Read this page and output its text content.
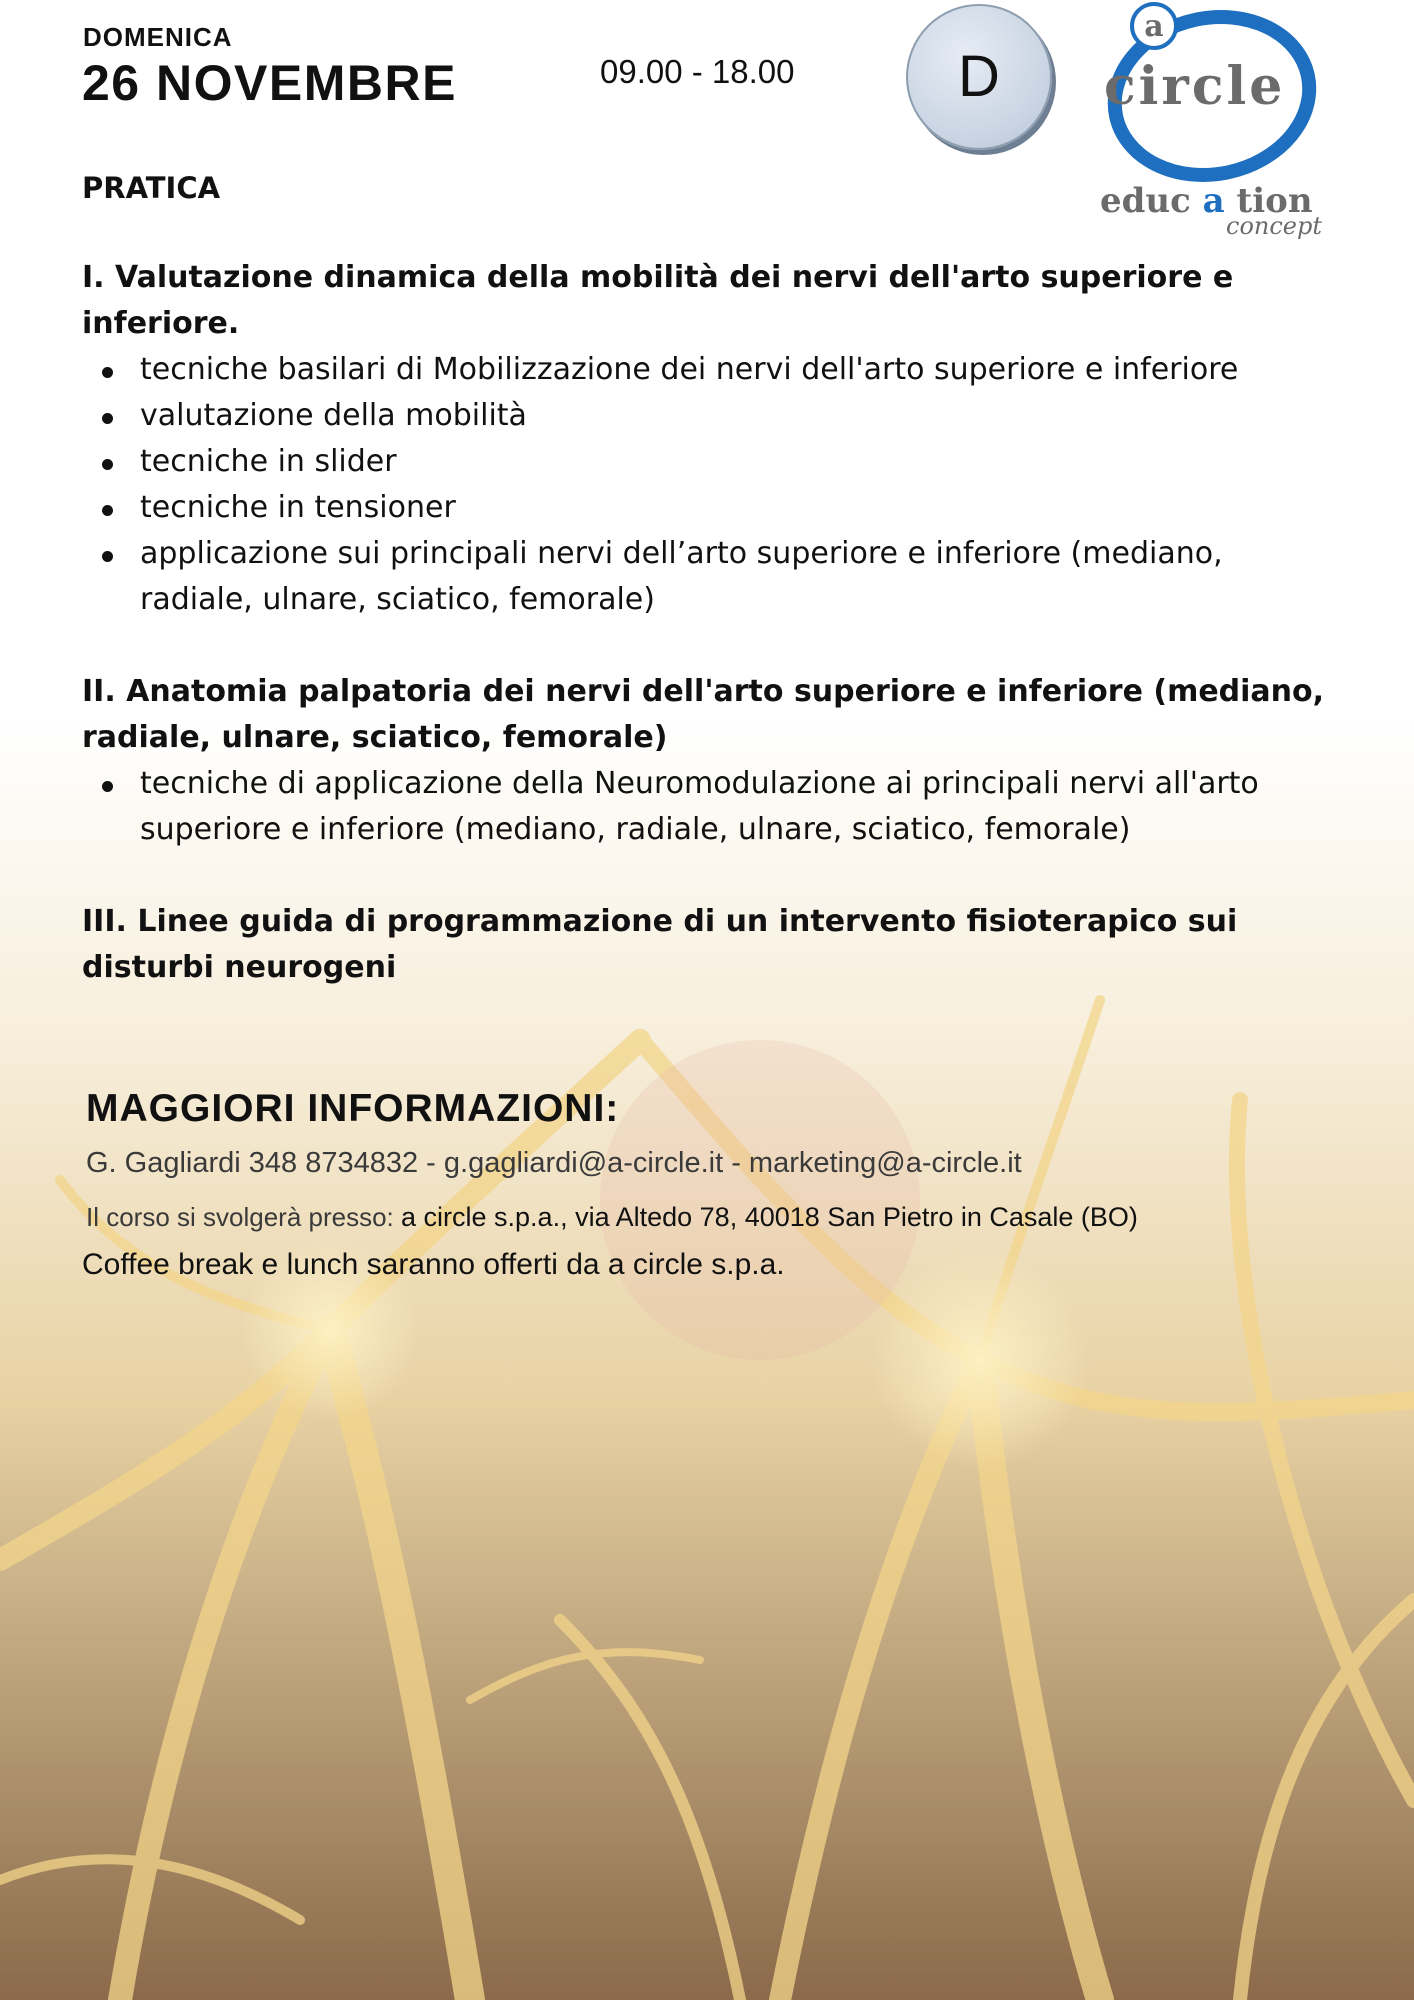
DOMENICA
26 NOVEMBRE	09.00 - 18.00	D
a
circle
educ a tion
concept
PRATICA

I. Valutazione dinamica della mobilità dei nervi dell'arto superiore e inferiore.

tecniche basilari di Mobilizzazione dei nervi dell'arto superiore e inferiore
valutazione della mobilità
tecniche in slider
tecniche in tensioner
applicazione sui principali nervi dell’arto superiore e inferiore (mediano, radiale, ulnare, sciatico, femorale)

II. Anatomia palpatoria dei nervi dell'arto superiore e inferiore (mediano, radiale, ulnare, sciatico, femorale)

tecniche di applicazione della Neuromodulazione ai principali nervi all'arto superiore e inferiore (mediano, radiale, ulnare, sciatico, femorale)

III. Linee guida di programmazione di un intervento fisioterapico sui disturbi neurogeni

MAGGIORI INFORMAZIONI:
G. Gagliardi 348 8734832 - g.gagliardi@a-circle.it - marketing@a-circle.it
Il corso si svolgerà presso: a circle s.p.a., via Altedo 78, 40018 San Pietro in Casale (BO)
Coffee break e lunch saranno offerti da a circle s.p.a.
